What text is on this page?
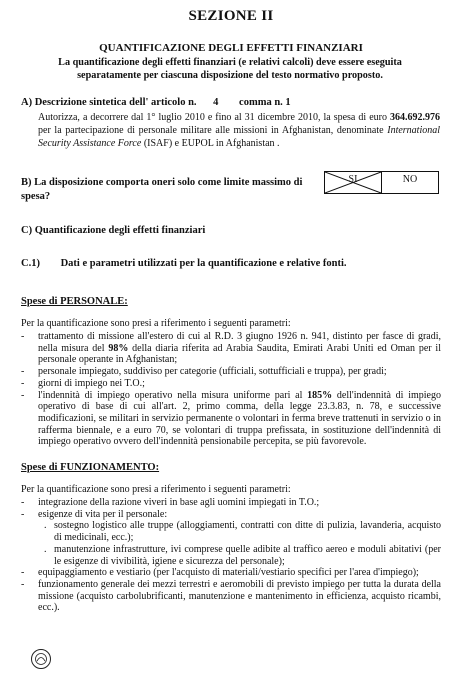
SEZIONE II
QUANTIFICAZIONE DEGLI EFFETTI FINANZIARI
La quantificazione degli effetti finanziari (e relativi calcoli) deve essere eseguita separatamente per ciascuna disposizione del testo normativo proposto.
A) Descrizione sintetica dell' articolo n. 4 comma n. 1
Autorizza, a decorrere dal 1° luglio 2010 e fino al 31 dicembre 2010, la spesa di euro 364.692.976 per la partecipazione di personale militare alle missioni in Afghanistan, denominate International Security Assistance Force (ISAF) e EUPOL in Afghanistan .
B) La disposizione comporta oneri solo come limite massimo di spesa?
SI	NO
C) Quantificazione degli effetti finanziari
C.1) Dati e parametri utilizzati per la quantificazione e relative fonti.
Spese di PERSONALE:
Per la quantificazione sono presi a riferimento i seguenti parametri:
- trattamento di missione all'estero di cui al R.D. 3 giugno 1926 n. 941, distinto per fasce di gradi, nella misura del 98% della diaria riferita ad Arabia Saudita, Emirati Arabi Uniti ed Oman per il personale operante in Afghanistan;
- personale impiegato, suddiviso per categorie (ufficiali, sottufficiali e truppa), per gradi;
- giorni di impiego nei T.O.;
- l'indennità di impiego operativo nella misura uniforme pari al 185% dell'indennità di impiego operativo di base di cui all'art. 2, primo comma, della legge 23.3.83, n. 78, e successive modificazioni, se militari in servizio permanente o volontari in ferma breve trattenuti in servizio o in rafferma biennale, e a euro 70, se volontari di truppa prefissata, in sostituzione dell'indennità di impiego operativo ovvero dell'indennità pensionabile percepita, se più favorevole.
Spese di FUNZIONAMENTO:
Per la quantificazione sono presi a riferimento i seguenti parametri:
- integrazione della razione viveri in base agli uomini impiegati in T.O.;
- esigenze di vita per il personale:
. sostegno logistico alle truppe (alloggiamenti, contratti con ditte di pulizia, lavanderia, acquisto di medicinali, ecc.);
. manutenzione infrastrutture, ivi comprese quelle adibite al traffico aereo e moduli abitativi (per le esigenze di vivibilità, igiene e sicurezza del personale);
- equipaggiamento e vestiario (per l'acquisto di materiali/vestiario specifici per l'area d'impiego);
- funzionamento generale dei mezzi terrestri e aeromobili di previsto impiego per tutta la durata della missione (acquisto carbolubrificanti, manutenzione e mantenimento in efficienza, acquisto ricambi, ecc.).
